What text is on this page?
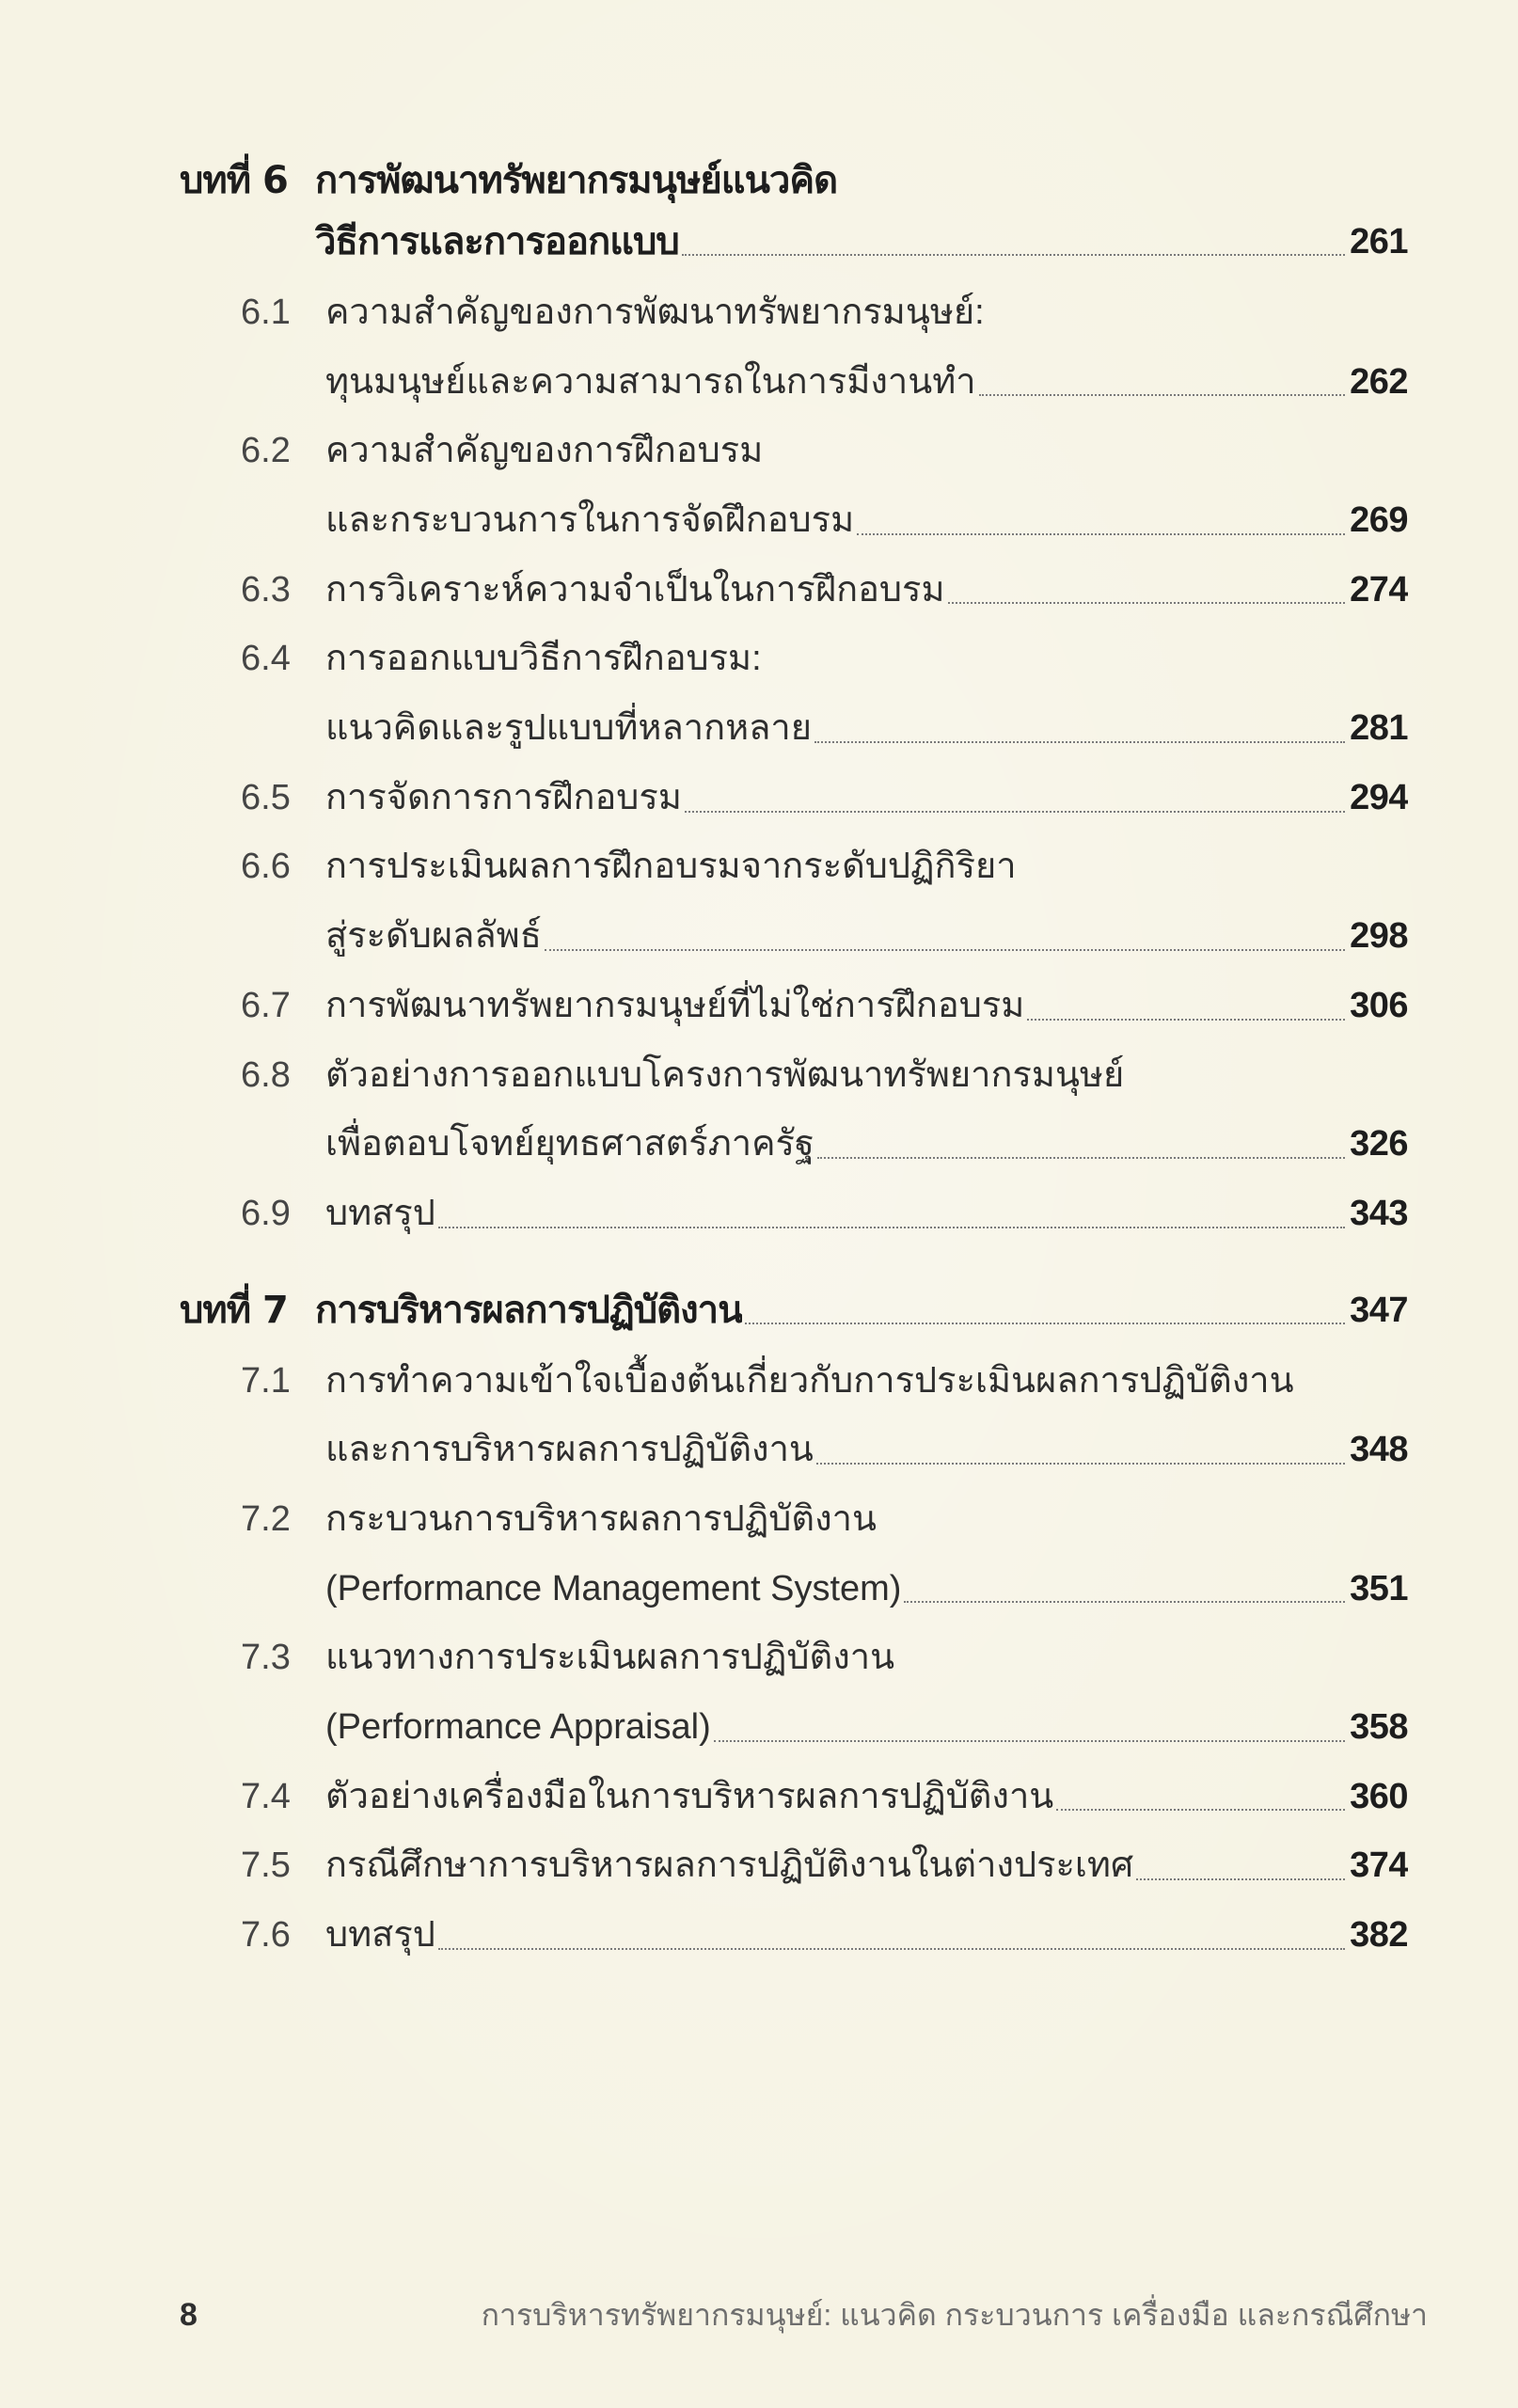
บทที่ 6 การพัฒนาทรัพยากรมนุษย์แนวคิด
วิธีการและการออกแบบ	261
6.1 ความสำคัญของการพัฒนาทรัพยากรมนุษย์:
ทุนมนุษย์และความสามารถในการมีงานทำ	262
6.2 ความสำคัญของการฝึกอบรม
และกระบวนการในการจัดฝึกอบรม	269
6.3 การวิเคราะห์ความจำเป็นในการฝึกอบรม	274
6.4 การออกแบบวิธีการฝึกอบรม:
แนวคิดและรูปแบบที่หลากหลาย	281
6.5 การจัดการการฝึกอบรม	294
6.6 การประเมินผลการฝึกอบรมจากระดับปฏิกิริยา
สู่ระดับผลลัพธ์	298
6.7 การพัฒนาทรัพยากรมนุษย์ที่ไม่ใช่การฝึกอบรม	306
6.8 ตัวอย่างการออกแบบโครงการพัฒนาทรัพยากรมนุษย์
เพื่อตอบโจทย์ยุทธศาสตร์ภาครัฐ	326
6.9 บทสรุป	343
บทที่ 7 การบริหารผลการปฏิบัติงาน	347
7.1 การทำความเข้าใจเบื้องต้นเกี่ยวกับการประเมินผลการปฏิบัติงาน
และการบริหารผลการปฏิบัติงาน	348
7.2 กระบวนการบริหารผลการปฏิบัติงาน
(Performance Management System)	351
7.3 แนวทางการประเมินผลการปฏิบัติงาน
(Performance Appraisal)	358
7.4 ตัวอย่างเครื่องมือในการบริหารผลการปฏิบัติงาน	360
7.5 กรณีศึกษาการบริหารผลการปฏิบัติงานในต่างประเทศ	374
7.6 บทสรุป	382
8	การบริหารทรัพยากรมนุษย์: แนวคิด กระบวนการ เครื่องมือ และกรณีศึกษา
